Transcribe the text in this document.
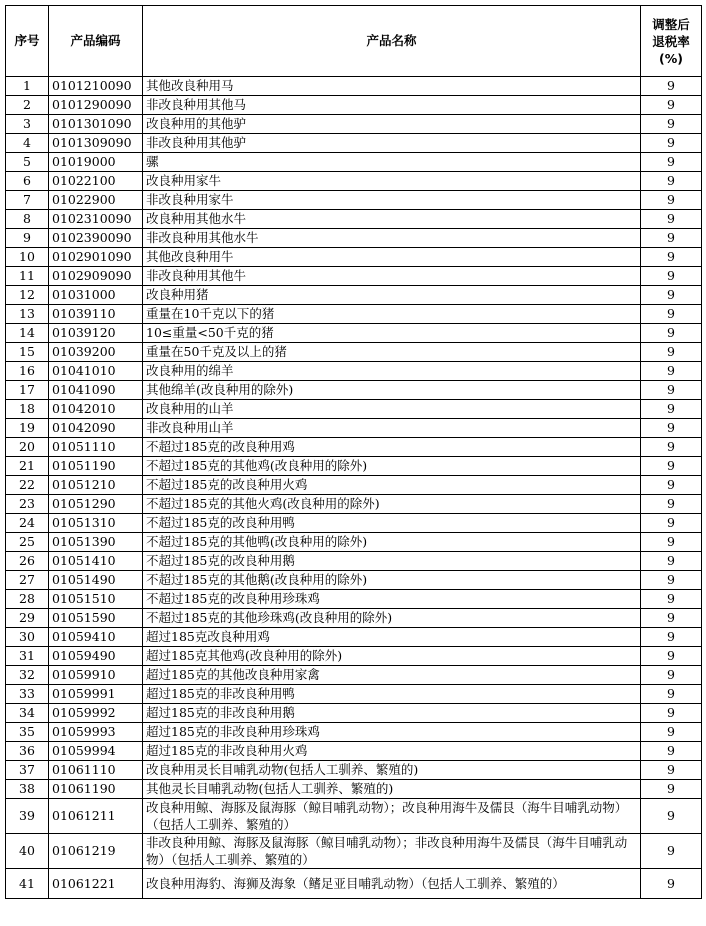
序号	产品编码	产品名称	调整后
退税率
(%)

1	0101210090	其他改良种用马	9
2	0101290090	非改良种用其他马	9
3	0101301090	改良种用的其他驴	9
4	0101309090	非改良种用其他驴	9
5	01019000	骡	9
6	01022100	改良种用家牛	9
7	01022900	非改良种用家牛	9
8	0102310090	改良种用其他水牛	9
9	0102390090	非改良种用其他水牛	9
10	0102901090	其他改良种用牛	9
11	0102909090	非改良种用其他牛	9
12	01031000	改良种用猪	9
13	01039110	重量在10千克以下的猪	9
14	01039120	10≤重量<50千克的猪	9
15	01039200	重量在50千克及以上的猪	9
16	01041010	改良种用的绵羊	9
17	01041090	其他绵羊(改良种用的除外)	9
18	01042010	改良种用的山羊	9
19	01042090	非改良种用山羊	9
20	01051110	不超过185克的改良种用鸡	9
21	01051190	不超过185克的其他鸡(改良种用的除外)	9
22	01051210	不超过185克的改良种用火鸡	9
23	01051290	不超过185克的其他火鸡(改良种用的除外)	9
24	01051310	不超过185克的改良种用鸭	9
25	01051390	不超过185克的其他鸭(改良种用的除外)	9
26	01051410	不超过185克的改良种用鹅	9
27	01051490	不超过185克的其他鹅(改良种用的除外)	9
28	01051510	不超过185克的改良种用珍珠鸡	9
29	01051590	不超过185克的其他珍珠鸡(改良种用的除外)	9
30	01059410	超过185克改良种用鸡	9
31	01059490	超过185克其他鸡(改良种用的除外)	9
32	01059910	超过185克的其他改良种用家禽	9
33	01059991	超过185克的非改良种用鸭	9
34	01059992	超过185克的非改良种用鹅	9
35	01059993	超过185克的非改良种用珍珠鸡	9
36	01059994	超过185克的非改良种用火鸡	9
37	01061110	改良种用灵长目哺乳动物(包括人工驯养、繁殖的)	9
38	01061190	其他灵长目哺乳动物(包括人工驯养、繁殖的)	9
39	01061211	改良种用鲸、海豚及鼠海豚（鲸目哺乳动物）；改良种用海牛及儒艮（海牛目哺乳动物）（包括人工驯养、繁殖的）	9
40	01061219	非改良种用鲸、海豚及鼠海豚（鲸目哺乳动物）；非改良种用海牛及儒艮（海牛目哺乳动物）（包括人工驯养、繁殖的）	9
41	01061221	改良种用海豹、海狮及海象（鳍足亚目哺乳动物）（包括人工驯养、繁殖的）	9
